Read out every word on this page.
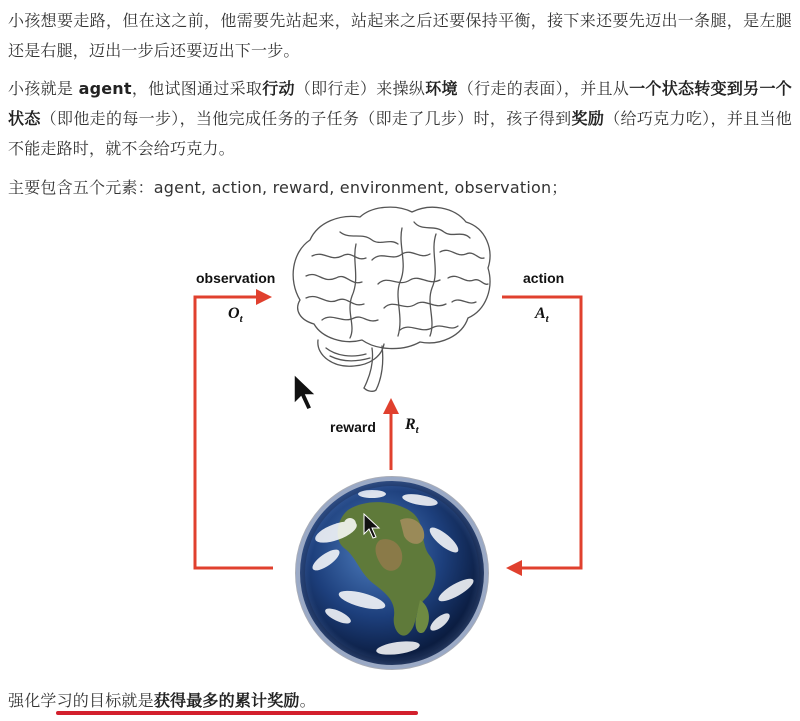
小孩想要走路，但在这之前，他需要先站起来，站起来之后还要保持平衡，接下来还要先迈出一条腿，是左腿还是右腿，迈出一步后还要迈出下一步。

小孩就是 agent，他试图通过采取行动（即行走）来操纵环境（行走的表面），并且从一个状态转变到另一个状态（即他走的每一步），当他完成任务的子任务（即走了几步）时，孩子得到奖励（给巧克力吃），并且当他不能走路时，就不会给巧克力。

主要包含五个元素：agent, action, reward, environment, observation；

observation
$O_t$
action
$A_t$
reward $R_t$

强化学习的目标就是获得最多的累计奖励。
